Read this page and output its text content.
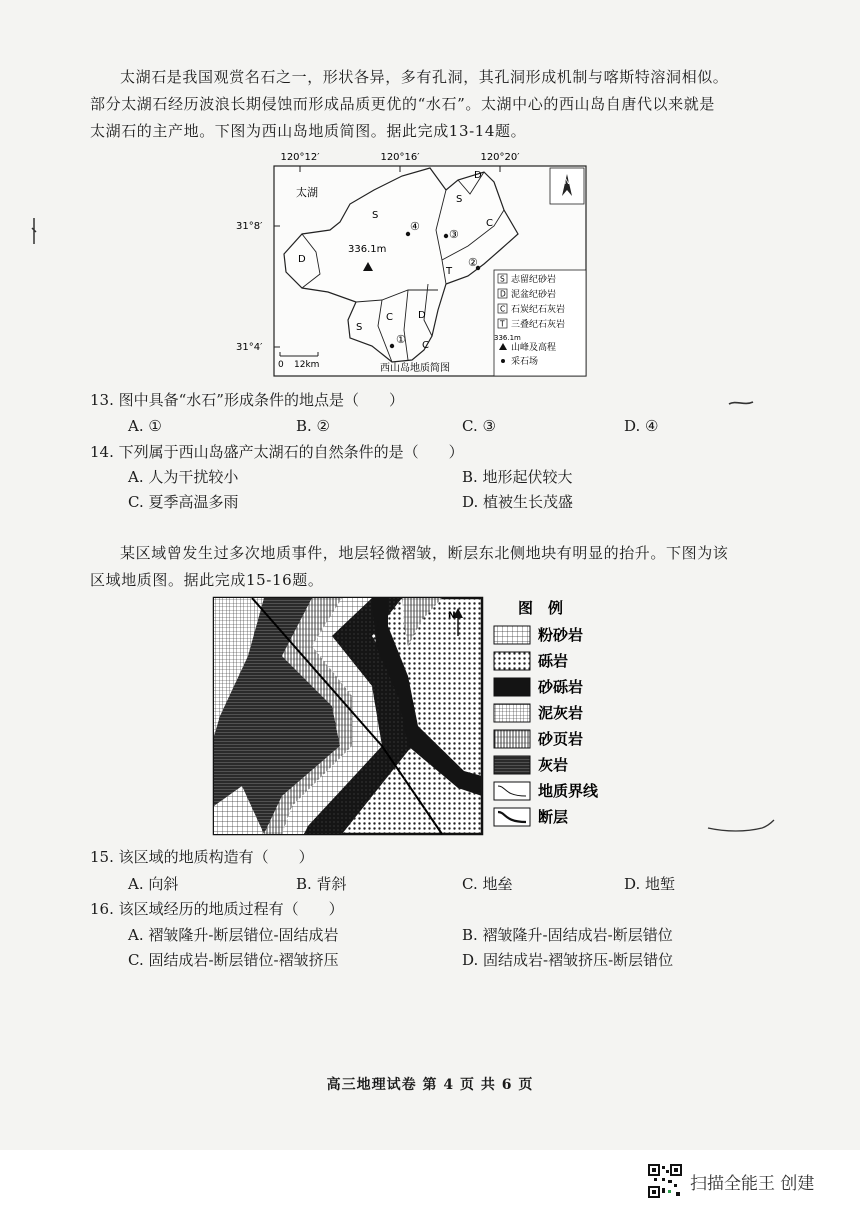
太湖石是我国观赏名石之一，形状各异，多有孔洞，其孔洞形成机制与喀斯特溶洞相似。部分太湖石经历波浪长期侵蚀而形成品质更优的“水石”。太湖中心的西山岛自唐代以来就是太湖石的主产地。下图为西山岛地质简图。据此完成13-14题。
120°12′	120°16′	120°20′
31°8′
31°4′
太湖
S
D
D
S
C
T
S
C	D
C
336.1m
④
③
②
①
N
S 志留纪砂岩
D 泥盆纪砂岩
C 石炭纪石灰岩
T 三叠纪石灰岩
336.1m
山峰及高程
采石场
0 12km	西山岛地质简图
13. 图中具备“水石”形成条件的地点是（　　）
A. ①	B. ②	C. ③	D. ④
14. 下列属于西山岛盛产太湖石的自然条件的是（　　）
A. 人为干扰较小	B. 地形起伏较大
C. 夏季高温多雨	D. 植被生长茂盛
某区域曾发生过多次地质事件，地层轻微褶皱，断层东北侧地块有明显的抬升。下图为该区域地质图。据此完成15-16题。
N	图　例
粉砂岩
砾岩
砂砾岩
泥灰岩
砂页岩
灰岩
地质界线
断层
15. 该区域的地质构造有（　　）
A. 向斜	B. 背斜	C. 地垒	D. 地堑
16. 该区域经历的地质过程有（　　）
A. 褶皱隆升-断层错位-固结成岩	B. 褶皱隆升-固结成岩-断层错位
C. 固结成岩-断层错位-褶皱挤压	D. 固结成岩-褶皱挤压-断层错位
高三地理试卷 第 4 页 共 6 页
扫描全能王 创建
